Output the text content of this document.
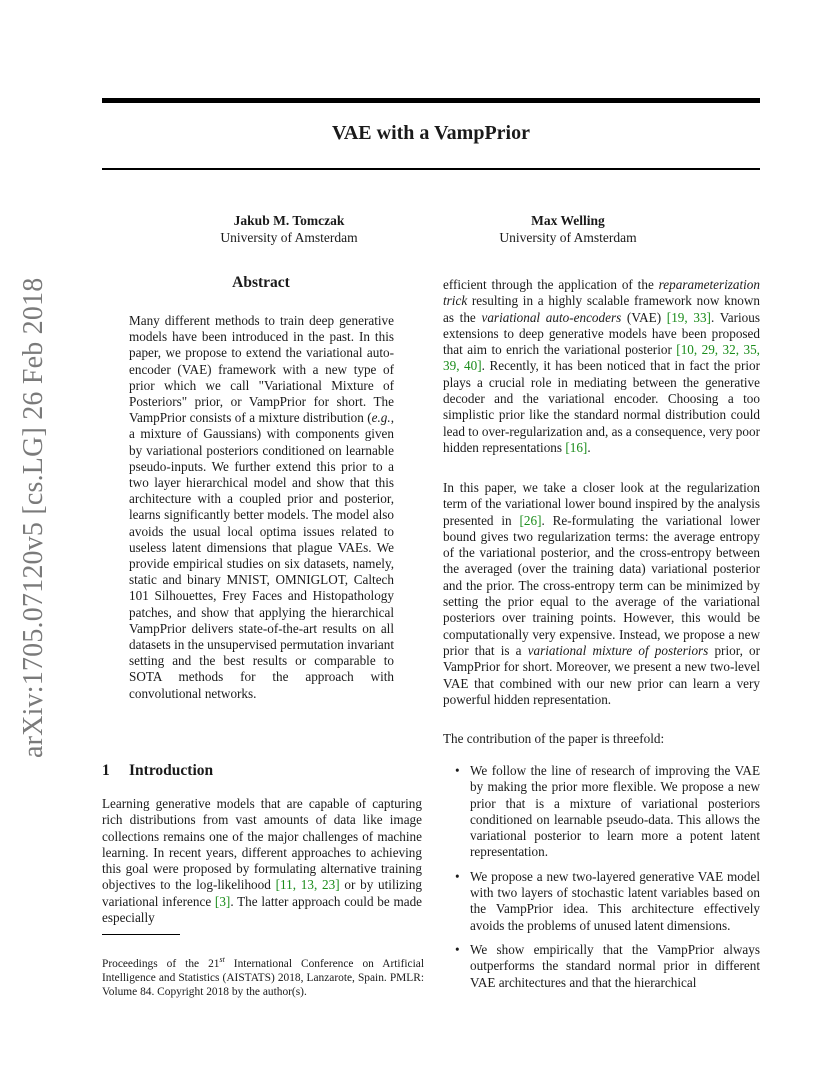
VAE with a VampPrior
arXiv:1705.07120v5 [cs.LG] 26 Feb 2018
Jakub M. Tomczak
University of Amsterdam
Max Welling
University of Amsterdam
Abstract

Many different methods to train deep generative models have been introduced in the past. In this paper, we propose to extend the variational auto-encoder (VAE) framework with a new type of prior which we call "Variational Mixture of Posteriors" prior, or VampPrior for short. The VampPrior consists of a mixture distribution (e.g., a mixture of Gaussians) with components given by variational posteriors conditioned on learnable pseudo-inputs. We further extend this prior to a two layer hierarchical model and show that this architecture with a coupled prior and posterior, learns significantly better models. The model also avoids the usual local optima issues related to useless latent dimensions that plague VAEs. We provide empirical studies on six datasets, namely, static and binary MNIST, OMNIGLOT, Caltech 101 Silhouettes, Frey Faces and Histopathology patches, and show that applying the hierarchical VampPrior delivers state-of-the-art results on all datasets in the unsupervised permutation invariant setting and the best results or comparable to SOTA methods for the approach with convolutional networks.

1 Introduction

Learning generative models that are capable of capturing rich distributions from vast amounts of data like image collections remains one of the major challenges of machine learning. In recent years, different approaches to achieving this goal were proposed by formulating alternative training objectives to the log-likelihood [11, 13, 23] or by utilizing variational inference [3]. The latter approach could be made especially

Proceedings of the 21st International Conference on Artificial Intelligence and Statistics (AISTATS) 2018, Lanzarote, Spain. PMLR: Volume 84. Copyright 2018 by the author(s).

efficient through the application of the reparameterization trick resulting in a highly scalable framework now known as the variational auto-encoders (VAE) [19, 33]. Various extensions to deep generative models have been proposed that aim to enrich the variational posterior [10, 29, 32, 35, 39, 40]. Recently, it has been noticed that in fact the prior plays a crucial role in mediating between the generative decoder and the variational encoder. Choosing a too simplistic prior like the standard normal distribution could lead to over-regularization and, as a consequence, very poor hidden representations [16].

In this paper, we take a closer look at the regularization term of the variational lower bound inspired by the analysis presented in [26]. Re-formulating the variational lower bound gives two regularization terms: the average entropy of the variational posterior, and the cross-entropy between the averaged (over the training data) variational posterior and the prior. The cross-entropy term can be minimized by setting the prior equal to the average of the variational posteriors over training points. However, this would be computationally very expensive. Instead, we propose a new prior that is a variational mixture of posteriors prior, or VampPrior for short. Moreover, we present a new two-level VAE that combined with our new prior can learn a very powerful hidden representation.

The contribution of the paper is threefold:

• We follow the line of research of improving the VAE by making the prior more flexible. We propose a new prior that is a mixture of variational posteriors conditioned on learnable pseudo-data. This allows the variational posterior to learn more a potent latent representation.
• We propose a new two-layered generative VAE model with two layers of stochastic latent variables based on the VampPrior idea. This architecture effectively avoids the problems of unused latent dimensions.
• We show empirically that the VampPrior always outperforms the standard normal prior in different VAE architectures and that the hierarchical
